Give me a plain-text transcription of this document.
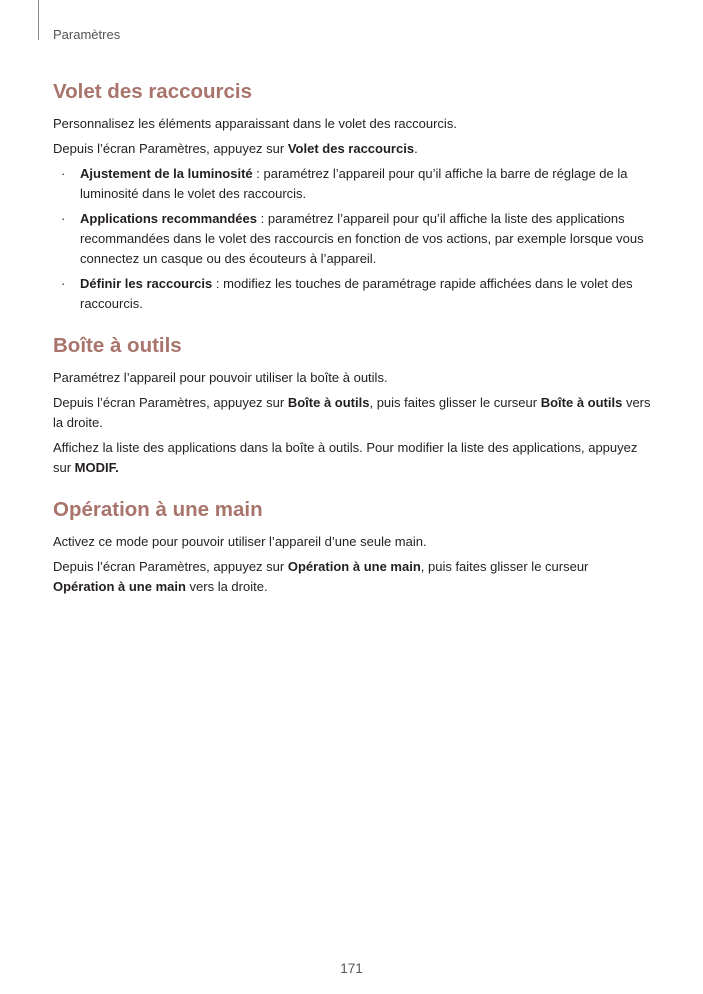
Paramètres
Volet des raccourcis

Personnalisez les éléments apparaissant dans le volet des raccourcis.

Depuis l’écran Paramètres, appuyez sur Volet des raccourcis.

· Ajustement de la luminosité : paramétrez l’appareil pour qu’il affiche la barre de réglage de la luminosité dans le volet des raccourcis.
· Applications recommandées : paramétrez l’appareil pour qu’il affiche la liste des applications recommandées dans le volet des raccourcis en fonction de vos actions, par exemple lorsque vous connectez un casque ou des écouteurs à l’appareil.
· Définir les raccourcis : modifiez les touches de paramétrage rapide affichées dans le volet des raccourcis.
Boîte à outils

Paramétrez l’appareil pour pouvoir utiliser la boîte à outils.

Depuis l’écran Paramètres, appuyez sur Boîte à outils, puis faites glisser le curseur Boîte à outils vers la droite.

Affichez la liste des applications dans la boîte à outils. Pour modifier la liste des applications, appuyez sur MODIF.

Opération à une main

Activez ce mode pour pouvoir utiliser l’appareil d’une seule main.

Depuis l’écran Paramètres, appuyez sur Opération à une main, puis faites glisser le curseur Opération à une main vers la droite.

171
